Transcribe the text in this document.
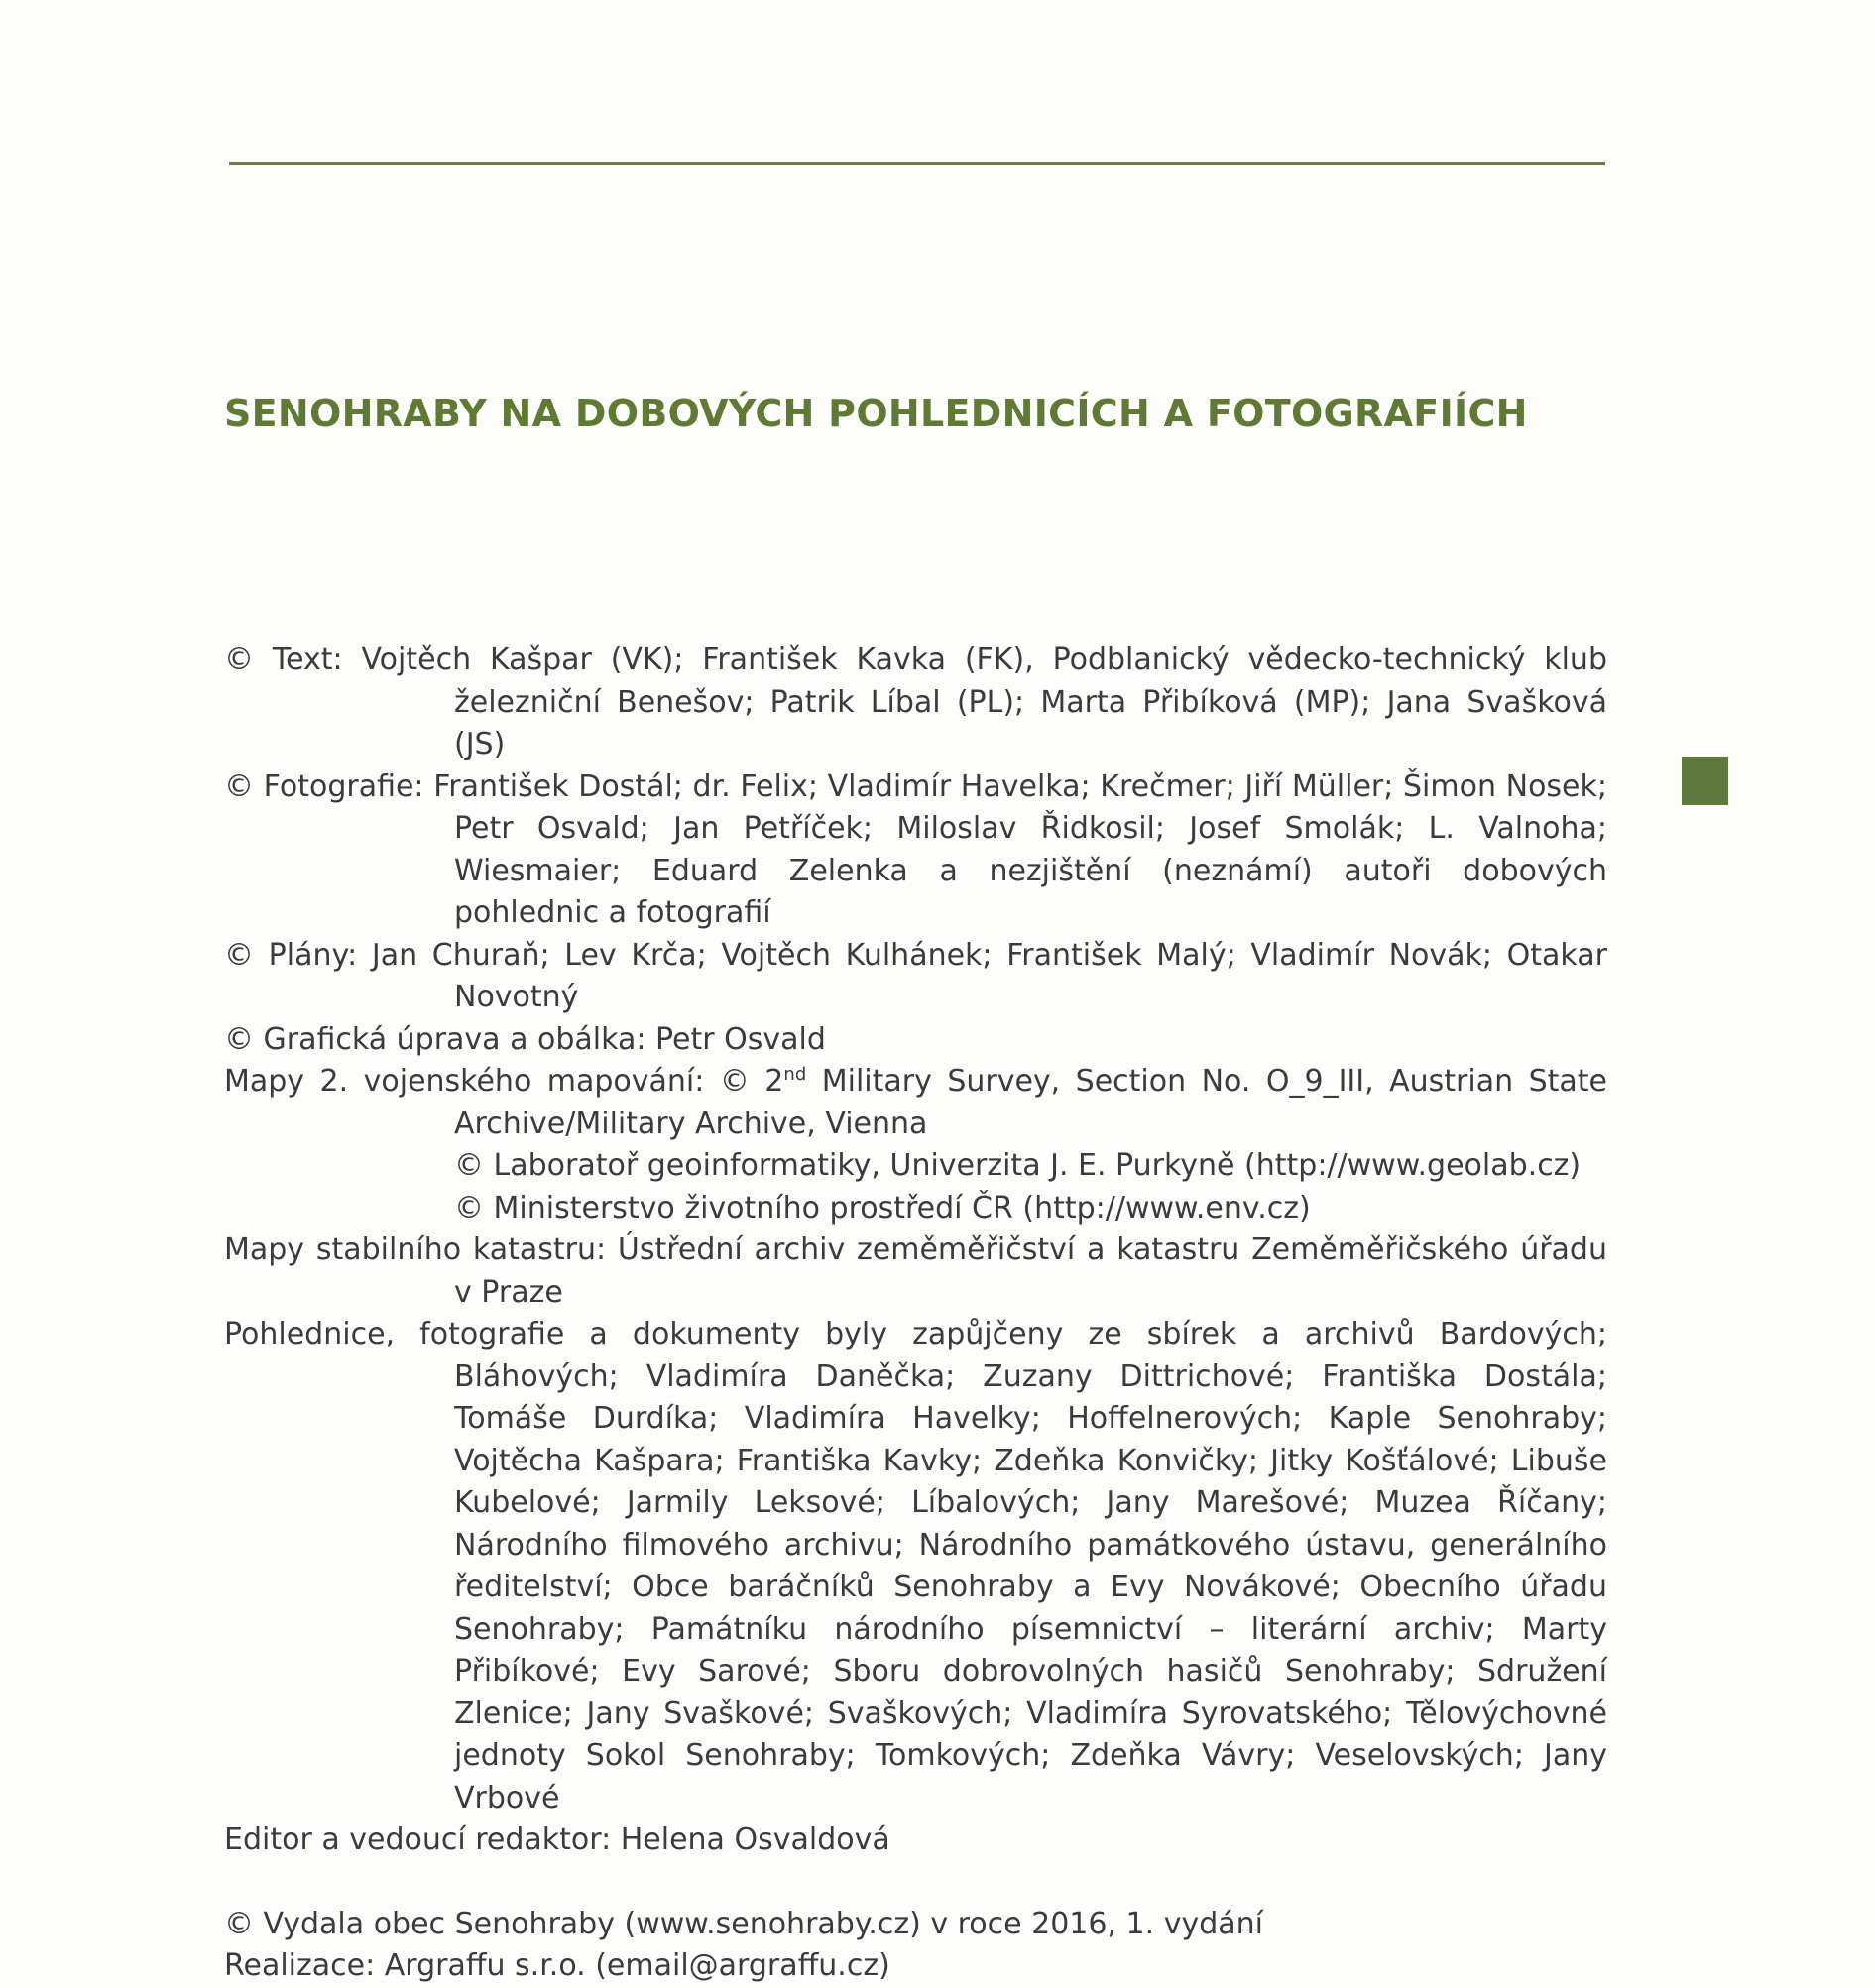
SENOHRABY NA DOBOVÝCH POHLEDNICÍCH A FOTOGRAFIÍCH

© Text: Vojtěch Kašpar (VK); František Kavka (FK), Podblanický vědecko-technický klub železniční Benešov; Patrik Líbal (PL); Marta Přibíková (MP); Jana Svašková (JS)

© Fotografie: František Dostál; dr. Felix; Vladimír Havelka; Krečmer; Jiří Müller; Šimon Nosek; Petr Osvald; Jan Petříček; Miloslav Řidkosil; Josef Smolák; L. Valnoha; Wiesmaier; Eduard Zelenka a nezjištění (neznámí) autoři dobových pohlednic a fotografií

© Plány: Jan Churaň; Lev Krča; Vojtěch Kulhánek; František Malý; Vladimír Novák; Otakar Novotný

© Grafická úprava a obálka: Petr Osvald

Mapy 2. vojenského mapování: © 2nd Military Survey, Section No. O_9_III, Austrian State Archive/Military Archive, Vienna

© Laboratoř geoinformatiky, Univerzita J. E. Purkyně (http://www.geolab.cz)

© Ministerstvo životního prostředí ČR (http://www.env.cz)

Mapy stabilního katastru: Ústřední archiv zeměměřičství a katastru Zeměměřičského úřadu v Praze

Pohlednice, fotografie a dokumenty byly zapůjčeny ze sbírek a archivů Bardových; Bláhových; Vladimíra Daněčka; Zuzany Dittrichové; Františka Dostála; Tomáše Durdíka; Vladimíra Havelky; Hoffelnerových; Kaple Senohraby; Vojtěcha Kašpara; Františka Kavky; Zdeňka Konvičky; Jitky Košťálové; Libuše Kubelové; Jarmily Leksové; Líbalových; Jany Marešové; Muzea Říčany; Národního filmového archivu; Národního památkového ústavu, generálního ředitelství; Obce baráčníků Senohraby a Evy Novákové; Obecního úřadu Senohraby; Památníku národního písemnictví – literární archiv; Marty Přibíkové; Evy Sarové; Sboru dobrovolných hasičů Senohraby; Sdružení Zlenice; Jany Svaškové; Svaškových; Vladimíra Syrovatského; Tělovýchovné jednoty Sokol Senohraby; Tomkových; Zdeňka Vávry; Veselovských; Jany Vrbové

Editor a vedoucí redaktor: Helena Osvaldová

© Vydala obec Senohraby (www.senohraby.cz) v roce 2016, 1. vydání
Realizace: Argraffu s.r.o. (email@argraffu.cz)
